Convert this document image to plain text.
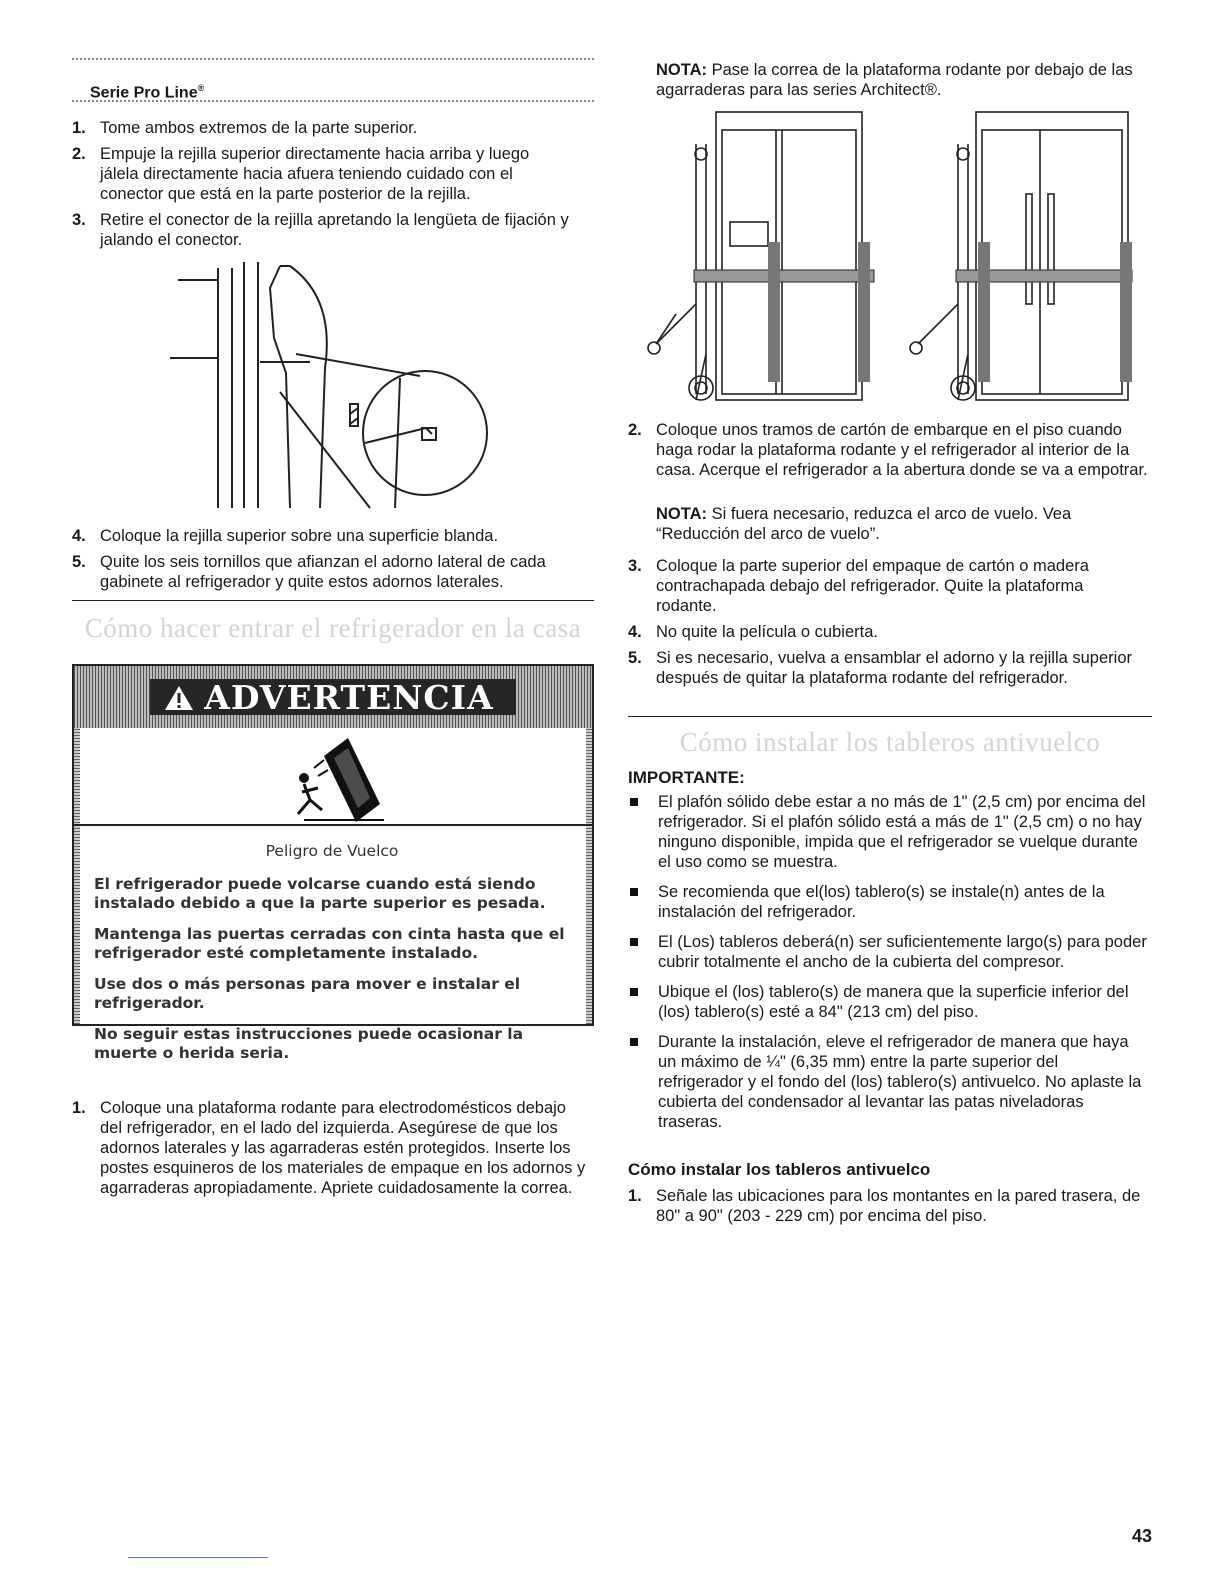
Serie Pro Line®
1. Tome ambos extremos de la parte superior.
2. Empuje la rejilla superior directamente hacia arriba y luego jálela directamente hacia afuera teniendo cuidado con el conector que está en la parte posterior de la rejilla.
3. Retire el conector de la rejilla apretando la lengüeta de fijación y jalando el conector.
4. Coloque la rejilla superior sobre una superficie blanda.
5. Quite los seis tornillos que afianzan el adorno lateral de cada gabinete al refrigerador y quite estos adornos laterales.
Cómo hacer entrar el refrigerador en la casa
ADVERTENCIA
Peligro de Vuelco

El refrigerador puede volcarse cuando está siendo instalado debido a que la parte superior es pesada.

Mantenga las puertas cerradas con cinta hasta que el refrigerador esté completamente instalado.

Use dos o más personas para mover e instalar el refrigerador.

No seguir estas instrucciones puede ocasionar la muerte o herida seria.

1. Coloque una plataforma rodante para electrodomésticos debajo del refrigerador, en el lado del izquierda. Asegúrese de que los adornos laterales y las agarraderas estén protegidos. Inserte los postes esquineros de los materiales de empaque en los adornos y agarraderas apropiadamente. Apriete cuidadosamente la correa.
NOTA: Pase la correa de la plataforma rodante por debajo de las agarraderas para las series Architect®.
2. Coloque unos tramos de cartón de embarque en el piso cuando haga rodar la plataforma rodante y el refrigerador al interior de la casa. Acerque el refrigerador a la abertura donde se va a empotrar.
NOTA: Si fuera necesario, reduzca el arco de vuelo. Vea “Reducción del arco de vuelo”.
3. Coloque la parte superior del empaque de cartón o madera contrachapada debajo del refrigerador. Quite la plataforma rodante.
4. No quite la película o cubierta.
5. Si es necesario, vuelva a ensamblar el adorno y la rejilla superior después de quitar la plataforma rodante del refrigerador.
Cómo instalar los tableros antivuelco
IMPORTANTE:
El plafón sólido debe estar a no más de 1" (2,5 cm) por encima del refrigerador. Si el plafón sólido está a más de 1" (2,5 cm) o no hay ninguno disponible, impida que el refrigerador se vuelque durante el uso como se muestra.
Se recomienda que el(los) tablero(s) se instale(n) antes de la instalación del refrigerador.
El (Los) tableros deberá(n) ser suficientemente largo(s) para poder cubrir totalmente el ancho de la cubierta del compresor.
Ubique el (los) tablero(s) de manera que la superficie inferior del (los) tablero(s) esté a 84" (213 cm) del piso.
Durante la instalación, eleve el refrigerador de manera que haya un máximo de ¼" (6,35 mm) entre la parte superior del refrigerador y el fondo del (los) tablero(s) antivuelco. No aplaste la cubierta del condensador al levantar las patas niveladoras traseras.
Cómo instalar los tableros antivuelco
1. Señale las ubicaciones para los montantes en la pared trasera, de 80" a 90" (203 - 229 cm) por encima del piso.
43
